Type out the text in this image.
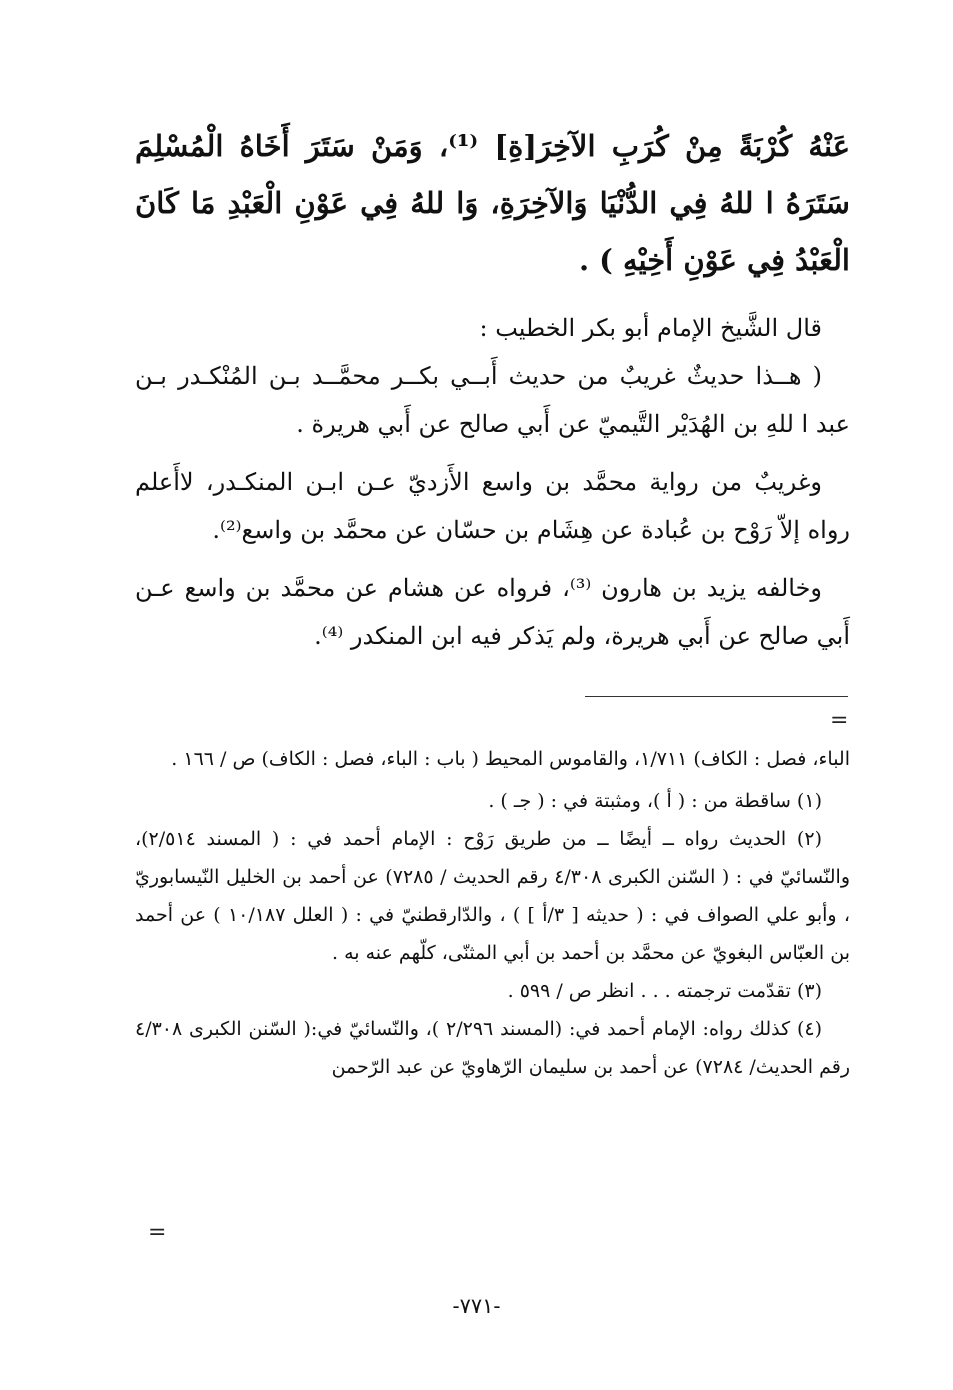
عَنْهُ كُرْبَةً مِنْ كُرَبِ الآخِرَ[ةِ] ⁽¹⁾، وَمَنْ سَتَرَ أَخَاهُ الْمُسْلِمَ سَتَرَهُ ا للهُ فِي الدُّنْيَا وَالآخِرَةِ، وَا للهُ فِي عَوْنِ الْعَبْدِ مَا كَانَ الْعَبْدُ فِي عَوْنِ أَخِيْهِ ) .

قال الشَّيخ الإمام أبو بكر الخطيب :

( هــذا حديثٌ غريبٌ من حديث أَبــي بكــر محمَّــد بـن المُنْكـدر بـن عبد ا للهِ بن الهُدَيْر التَّيميّ عن أَبي صالح عن أَبي هريرة .

وغريبٌ من رواية محمَّد بن واسع الأَزديّ عـن ابـن المنكـدر، لاأَعلم رواه إلاّ رَوْح بن عُبادة عن هِشَام بن حسّان عن محمَّد بن واسع⁽²⁾.

وخالفه يزيد بن هارون ⁽³⁾، فرواه عن هشام عن محمَّد بن واسع عـن أَبي صالح عن أَبي هريرة، ولم يَذكر فيه ابن المنكدر ⁽⁴⁾.

=

الباء، فصل : الكاف) ١/٧١١، والقاموس المحيط ( باب : الباء، فصل : الكاف) ص / ١٦٦ .

(١) ساقطة من : ( أ )، ومثبتة في : ( جـ ) .

(٢) الحديث رواه ــ أيضًا ــ من طريق رَوْح : الإمام أحمد في : ( المسند ٢/٥١٤)، والنّسائيّ في : ( السّنن الكبرى ٤/٣٠٨ رقم الحديث / ٧٢٨٥) عن أحمد بن الخليل النّيسابوريّ ، وأبو علي الصواف في : ( حديثه [ ٣/أ ] ) ، والدّارقطنيّ في : ( العلل ١٠/١٨٧ ) عن أحمد بن العبّاس البغويّ عن محمَّد بن أحمد بن أبي المثنّى، كلّهم عنه به .

(٣) تقدّمت ترجمته . . . انظر ص / ٥٩٩ .

(٤) كذلك رواه: الإمام أحمد في: (المسند ٢/٢٩٦ )، والنّسائيّ في:( السّنن الكبرى ٤/٣٠٨ رقم الحديث/ ٧٢٨٤) عن أحمد بن سليمان الرّهاويّ عن عبد الرّحمن

=
-٧٧١-
